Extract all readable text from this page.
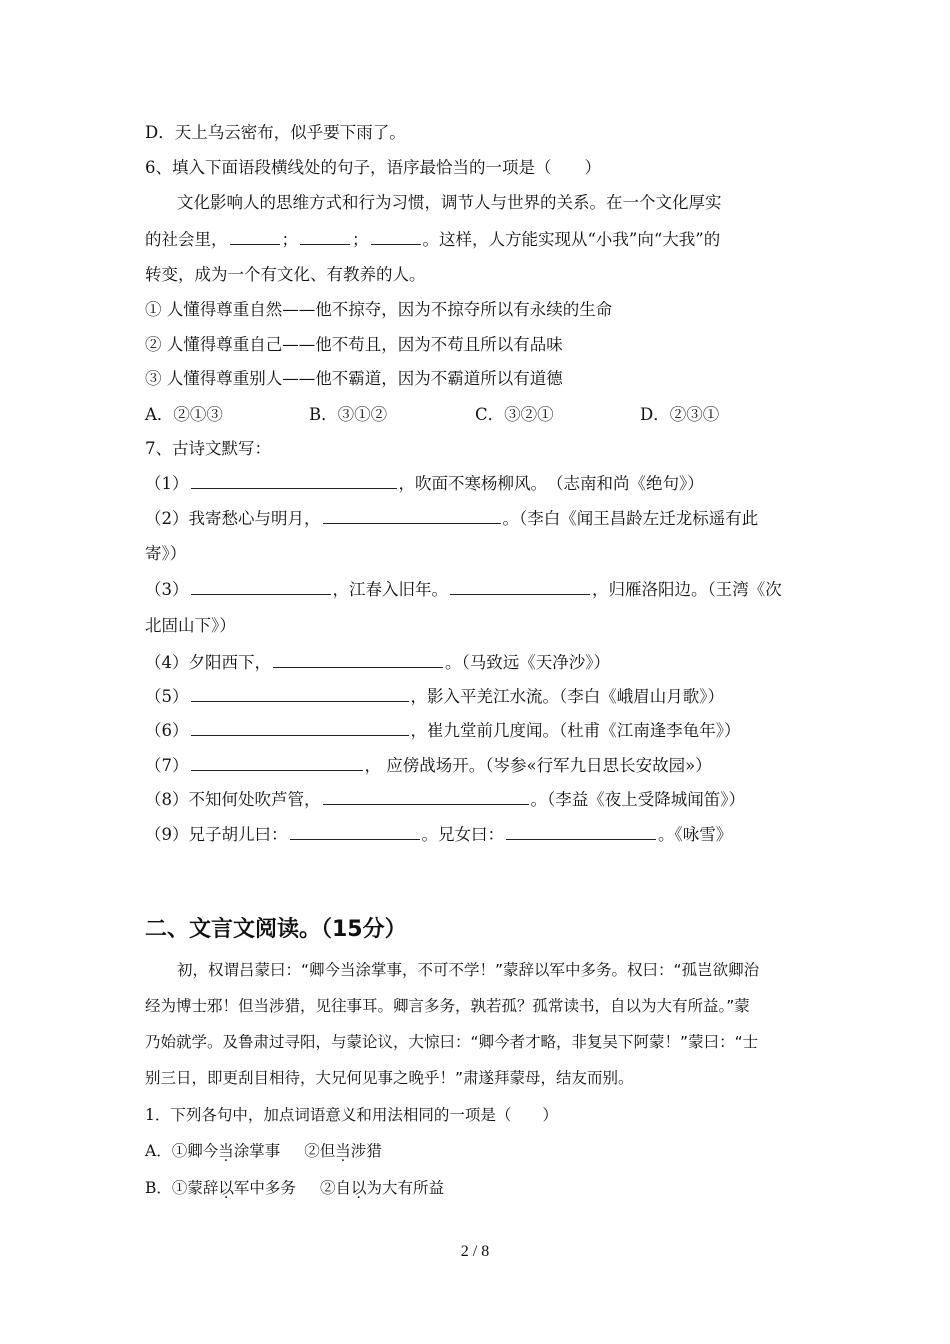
D．天上乌云密布，似乎要下雨了。
6、填入下面语段横线处的句子，语序最恰当的一项是（　　）
文化影响人的思维方式和行为习惯，调节人与世界的关系。在一个文化厚实
的社会里，	；	；	。这样，人方能实现从“小我”向“大我”的
转变，成为一个有文化、有教养的人。
① 人懂得尊重自然——他不掠夺，因为不掠夺所以有永续的生命
② 人懂得尊重自己——他不苟且，因为不苟且所以有品味
③ 人懂得尊重别人——他不霸道，因为不霸道所以有道德
A．②①③	B．③①②	C．③②①	D．②③①
7、古诗文默写：
（1）	，吹面不寒杨柳风。　（志南和尚《绝句》）
（2）我寄愁心与明月，	。（李白《闻王昌龄左迁龙标遥有此
寄》）
（3）	，江春入旧年。	，归雁洛阳边。（王湾《次
北固山下》）
（4）夕阳西下，	。（马致远《天净沙》）
（5）	，影入平羌江水流。（李白《峨眉山月歌》）
（6）	，崔九堂前几度闻。（杜甫《江南逢李龟年》）
（7）	， 应傍战场开。（岑参«行军九日思长安故园»）
（8）不知何处吹芦管，	。（李益《夜上受降城闻笛》）
（9）兄子胡儿曰：	。兄女曰：	。《咏雪》
二、文言文阅读。（15分）
初，权谓吕蒙曰：“卿今当涂掌事，不可不学！”蒙辞以军中多务。权曰：“孤岂欲卿治
经为博士邪！但当涉猎，见往事耳。卿言多务，孰若孤？孤常读书，自以为大有所益。”蒙
乃始就学。及鲁肃过寻阳，与蒙论议，大惊曰：“卿今者才略，非复吴下阿蒙！”蒙曰：“士
别三日，即更刮目相待，大兄何见事之晚乎！”肃遂拜蒙母，结友而别。
1．下列各句中，加点词语意义和用法相同的一项是（　　）
A．①卿今当涂掌事 ②但当涉猎
B．①蒙辞以军中多务 ②自以为大有所益
2 / 8
